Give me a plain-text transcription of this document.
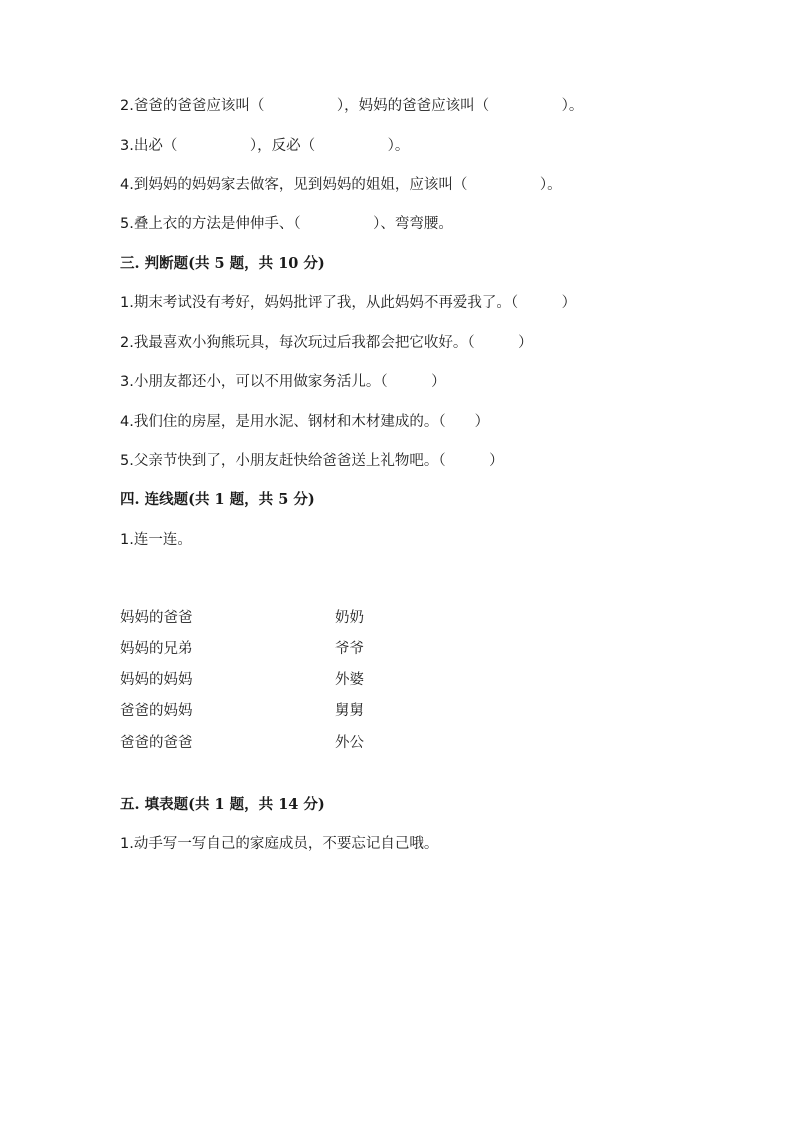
2.爸爸的爸爸应该叫（　　　　　），妈妈的爸爸应该叫（　　　　　）。
3.出必（　　　　　），反必（　　　　　）。
4.到妈妈的妈妈家去做客，见到妈妈的姐姐，应该叫（　　　　　）。
5.叠上衣的方法是伸伸手、（　　　　　）、弯弯腰。
三. 判断题(共 5 题，共 10 分)
1.期末考试没有考好，妈妈批评了我，从此妈妈不再爱我了。（　　　）
2.我最喜欢小狗熊玩具，每次玩过后我都会把它收好。（　　　）
3.小朋友都还小，可以不用做家务活儿。（　　　）
4.我们住的房屋，是用水泥、钢材和木材建成的。（　　）
5.父亲节快到了，小朋友赶快给爸爸送上礼物吧。（　　　）
四. 连线题(共 1 题，共 5 分)
1.连一连。
妈妈的爸爸
妈妈的兄弟
妈妈的妈妈
爸爸的妈妈
爸爸的爸爸
奶奶
爷爷
外婆
舅舅
外公
五. 填表题(共 1 题，共 14 分)
1.动手写一写自己的家庭成员，不要忘记自己哦。
